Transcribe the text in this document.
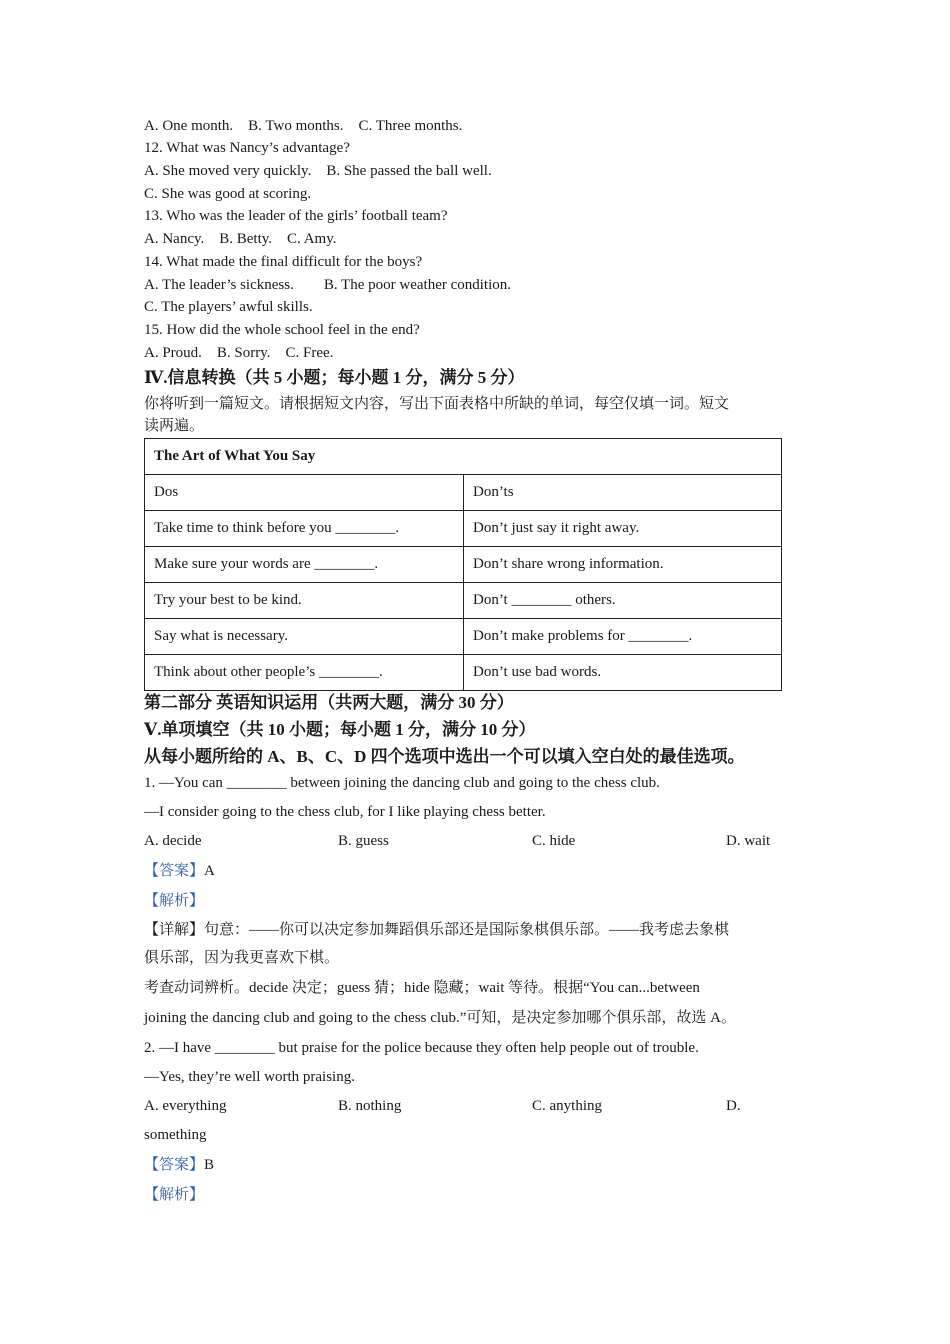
A. One month.    B. Two months.    C. Three months.
12. What was Nancy’s advantage?
A. She moved very quickly.    B. She passed the ball well.
C. She was good at scoring.
13. Who was the leader of the girls’ football team?
A. Nancy.    B. Betty.    C. Amy.
14. What made the final difficult for the boys?
A. The leader’s sickness.        B. The poor weather condition.
C. The players’ awful skills.
15. How did the whole school feel in the end?
A. Proud.    B. Sorry.    C. Free.
Ⅳ.信息转换（共 5 小题；每小题 1 分，满分 5 分）
你将听到一篇短文。请根据短文内容，写出下面表格中所缺的单词，每空仅填一词。短文
读两遍。
The Art of What You Say	
Dos	Don’ts
Take time to think before you ________.	Don’t just say it right away.
Make sure your words are ________.	Don’t share wrong information.
Try your best to be kind.	Don’t ________ others.
Say what is necessary.	Don’t make problems for ________.
Think about other people’s ________.	Don’t use bad words.
第二部分 英语知识运用（共两大题，满分 30 分）
Ⅴ.单项填空（共 10 小题；每小题 1 分，满分 10 分）
从每小题所给的 A、B、C、D 四个选项中选出一个可以填入空白处的最佳选项。
1. —You can ________ between joining the dancing club and going to the chess club.
—I consider going to the chess club, for I like playing chess better.
A. decide	B. guess	C. hide	D. wait
【答案】A
【解析】
【详解】句意：——你可以决定参加舞蹈俱乐部还是国际象棋俱乐部。——我考虑去象棋
俱乐部，因为我更喜欢下棋。
考查动词辨析。decide 决定；guess 猜；hide 隐藏；wait 等待。根据“You can...between
joining the dancing club and going to the chess club.”可知，是决定参加哪个俱乐部，故选 A。
2. —I have ________ but praise for the police because they often help people out of trouble.
—Yes, they’re well worth praising.
A. everything	B. nothing	C. anything	D.
something
【答案】B
【解析】
